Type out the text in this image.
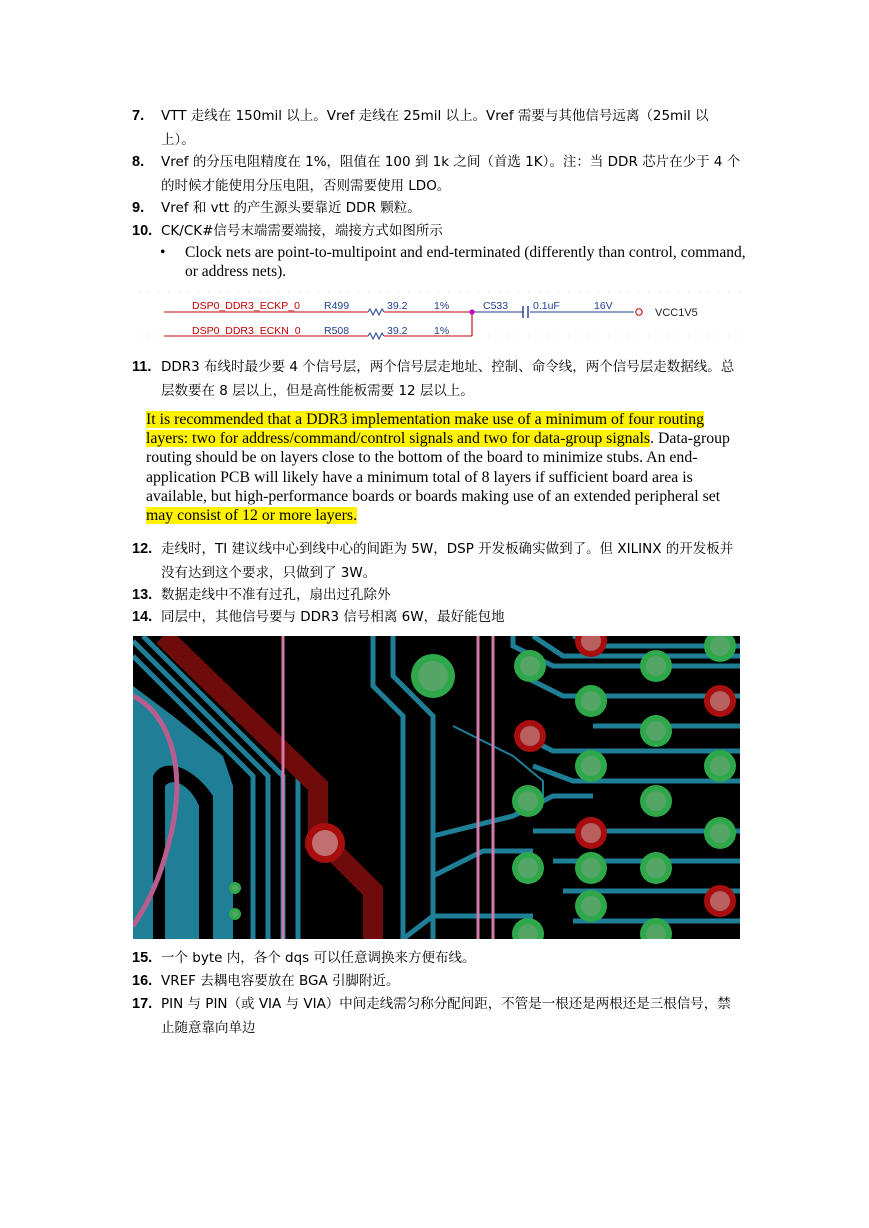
7. VTT 走线在 150mil 以上。Vref 走线在 25mil 以上。Vref 需要与其他信号远离（25mil 以上）。
8. Vref 的分压电阻精度在 1%，阻值在 100 到 1k 之间（首选 1K）。注：当 DDR 芯片在少于 4 个的时候才能使用分压电阻，否则需要使用 LDO。
9. Vref 和 vtt 的产生源头要靠近 DDR 颗粒。
10. CK/CK#信号末端需要端接，端接方式如图所示
• Clock nets are point-to-multipoint and end-terminated (differently than control, command, or address nets).
DSP0_DDR3_ECKP_0
DSP0_DDR3_ECKN_0
R499	39.2	1%
R508	39.2	1%
C533 0.1uF	16V
VCC1V5
11. DDR3 布线时最少要 4 个信号层，两个信号层走地址、控制、命令线，两个信号层走数据线。总层数要在 8 层以上，但是高性能板需要 12 层以上。
It is recommended that a DDR3 implementation make use of a minimum of four routing layers: two for address/command/control signals and two for data-group signals. Data-group routing should be on layers close to the bottom of the board to minimize stubs. An end-application PCB will likely have a minimum total of 8 layers if sufficient board area is available, but high-performance boards or boards making use of an extended peripheral set may consist of 12 or more layers.
12. 走线时，TI 建议线中心到线中心的间距为 5W，DSP 开发板确实做到了。但 XILINX 的开发板并没有达到这个要求，只做到了 3W。
13. 数据走线中不准有过孔，扇出过孔除外
14. 同层中，其他信号要与 DDR3 信号相离 6W，最好能包地
15. 一个 byte 内，各个 dqs 可以任意调换来方便布线。
16. VREF 去耦电容要放在 BGA 引脚附近。
17. PIN 与 PIN（或 VIA 与 VIA）中间走线需匀称分配间距，不管是一根还是两根还是三根信号，禁止随意靠向单边
